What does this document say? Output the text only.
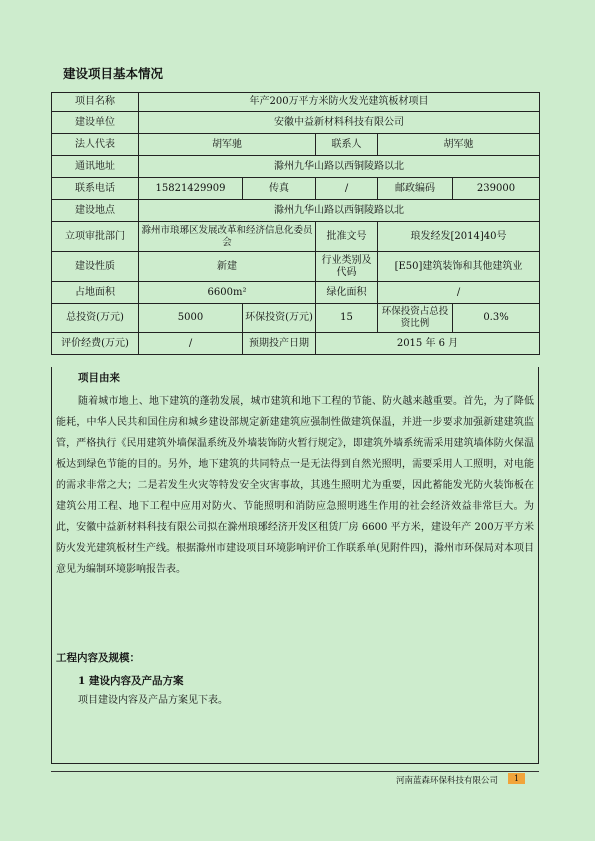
建设项目基本情况
项目名称	年产200万平方米防火发光建筑板材项目				
建设单位	安徽中益新材料科技有限公司				
法人代表	胡军驰		联系人	胡军驰	
通讯地址	滁州九华山路以西铜陵路以北				
联系电话	15821429909	传真	/	邮政编码	239000
建设地点	滁州九华山路以西铜陵路以北				
立项审批部门	滁州市琅琊区发展改革和经济信息化委员会		批准文号	琅发经发[2014]40号	
建设性质	新建		行业类别及代码	[E50]建筑装饰和其他建筑业	
占地面积	6600m²		绿化面积	/	
总投资(万元)	5000	环保投资(万元)	15	环保投资占总投资比例	0.3%
评价经费(万元)	/	预期投产日期	2015 年 6 月		
项目由来

随着城市地上、地下建筑的蓬勃发展，城市建筑和地下工程的节能、防火越来越重要。首先，为了降低能耗，中华人民共和国住房和城乡建设部规定新建建筑应强制性做建筑保温，并进一步要求加强新建建筑监管，严格执行《民用建筑外墙保温系统及外墙装饰防火暂行规定》，即建筑外墙系统需采用建筑墙体防火保温板达到绿色节能的目的。另外，地下建筑的共同特点一是无法得到自然光照明，需要采用人工照明，对电能的需求非常之大；二是若发生火灾等特发安全灾害事故，其逃生照明尤为重要，因此蓄能发光防火装饰板在建筑公用工程、地下工程中应用对防火、节能照明和消防应急照明逃生作用的社会经济效益非常巨大。为此，安徽中益新材料科技有限公司拟在滁州琅琊经济开发区租赁厂房 6600 平方米，建设年产 200万平方米防火发光建筑板材生产线。根据滁州市建设项目环境影响评价工作联系单(见附件四)，滁州市环保局对本项目意见为编制环境影响报告表。

工程内容及规模：
1 建设内容及产品方案

项目建设内容及产品方案见下表。

河南蓝森环保科技有限公司	1
